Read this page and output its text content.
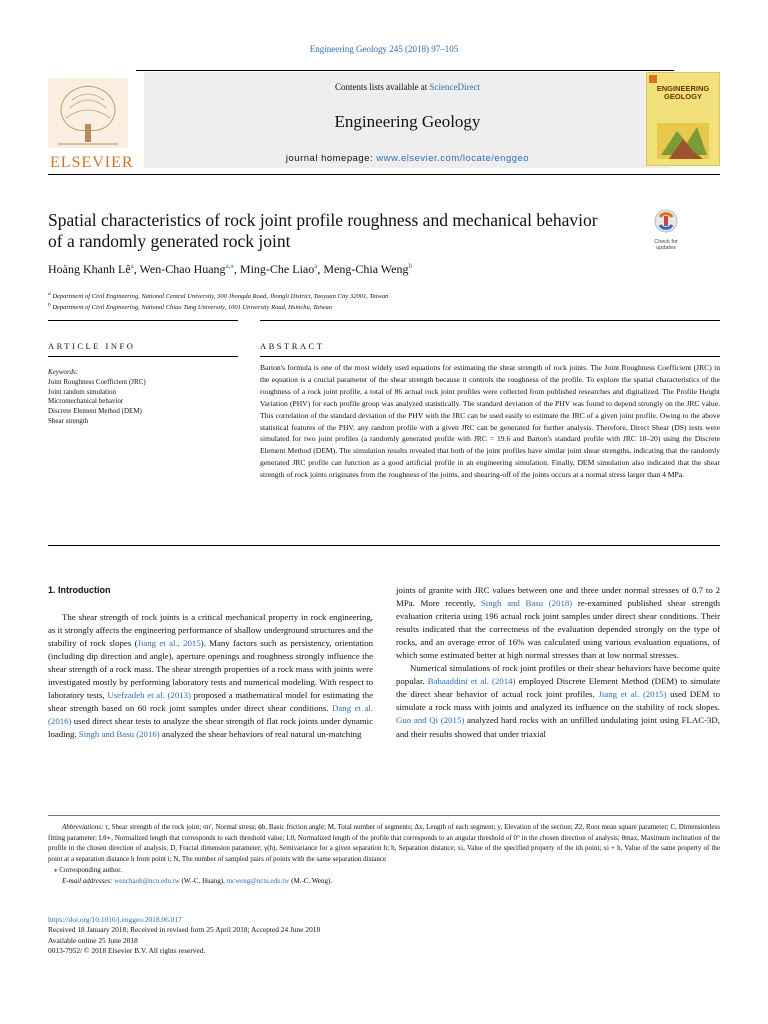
Engineering Geology 245 (2018) 97–105
ELSEVIER
Contents lists available at ScienceDirect
Engineering Geology
journal homepage: www.elsevier.com/locate/enggeo
ENGINEERING
GEOLOGY
Spatial characteristics of rock joint profile roughness and mechanical behavior of a randomly generated rock joint	Check for
updates
Hoàng Khanh $Lê^a$, Wen-Chao Huang$^{a,⁎}$, Ming-Che Liao$^a$, Meng-Chia Weng$^b$
$^a$ Department of Civil Engineering, National Central University, 300 Jhongda Road, Jhongli District, Taoyuan City 32001, Taiwan
$^b$ Department of Civil Engineering, National Chiao Tung University, 1001 University Road, Hsinchu, Taiwan
ARTICLE INFO	ABSTRACT
Keywords:
Joint Roughness Coefficient (JRC)
Joint random simulation
Micromechanical behavior
Discrete Element Method (DEM)
Shear strength
Barton's formula is one of the most widely used equations for estimating the shear strength of rock joints. The Joint Roughness Coefficient (JRC) in the equation is a crucial parameter of the shear strength because it controls the roughness of the profile. To explore the spatial characteristics of the roughness of a rock joint profile, a total of 86 actual rock joint profiles were collected from published researches and digitalized. The Profile Height Variation (PHV) for each profile group was analyzed statistically. The standard deviation of the PHV was found to depend strongly on the JRC value. This correlation of the standard deviation of the PHV with the JRC can be used easily to estimate the JRC of a given joint profile. Owing to the above statistical features of the PHV, any random profile with a given JRC can be generated for further analysis. Therefore, Direct Shear (DS) tests were simulated for two joint profiles (a randomly generated profile with JRC = 19.6 and Barton's standard profile with JRC 18–20) using the Discrete Element Method (DEM). The simulation results revealed that both of the joint profiles have similar joint shear strengths, indicating that the randomly generated JRC profile can function as a good artificial profile in an engineering simulation. Finally, DEM simulation also indicated that the shear strength of rock joints originates from the roughness of the joints, and shearing-off of the joints occurs at a normal stress larger than 4 MPa.
1. Introduction

The shear strength of rock joints is a critical mechanical property in rock engineering, as it strongly affects the engineering performance of shallow underground structures and the stability of rock slopes (Jiang et al., 2015). Many factors such as persistency, orientation (including dip direction and angle), aperture openings and roughness strongly influence the shear strength of a rock mass. The shear strength properties of a rock mass with joints were investigated mostly by performing laboratory tests and numerical modeling. With respect to laboratory tests, Usefzadeh et al. (2013) proposed a mathematical model for estimating the shear strength based on 60 rock joint samples under direct shear conditions. Dang et al. (2016) used direct shear tests to analyze the shear strength of flat rock joints under dynamic loading. Singh and Basu (2016) analyzed the shear behaviors of real natural un-matching

joints of granite with JRC values between one and three under normal stresses of 0.7 to 2 MPa. More recently, Singh and Basu (2018) re-examined published shear strength evaluation criteria using 196 actual rock joint samples under direct shear conditions. Their results indicated that the correctness of the evaluation depended strongly on the type of rocks, and an average error of 16% was calculated using various evaluation equations, of which some estimated better at high normal stresses than at low normal stresses.

Numerical simulations of rock joint profiles or their shear behaviors have become quite popular. Bahaaddini et al. (2014) employed Discrete Element Method (DEM) to simulate the direct shear behavior of actual rock joint profiles. Jiang et al. (2015) used DEM to simulate a rock mass with joints and analyzed its influence on the stability of rock slopes. Guo and Qi (2015) analyzed hard rocks with an unfilled undulating joint using FLAC-3D, and their results showed that under triaxial

Abbreviations: τ, Shear strength of the rock joint; σn′, Normal stress; ϕb, Basic friction angle; M, Total number of segments; Δx, Length of each segment; y, Elevation of the section; Z2, Root mean square parameter; C, Dimensionless fitting parameter; Lθ∗, Normalized length that corresponds to each threshold value; L0, Normalized length of the profile that corresponds to an angular threshold of 0° in the chosen direction of analysis; θmax, Maximum inclination of the profile in the chosen direction of analysis; D, Fractal dimension parameter; γ(h), Semivariance for a given separation h; h, Separation distance; xi, Value of the specified property of the ith point; xi + h, Value of the same property of the point at a separation distance h from point i; N, The number of sampled pairs of points with the same separation distance
⁎ Corresponding author.
E-mail addresses: wenchaoh@ncu.edu.tw (W.-C. Huang), mcweng@nctu.edu.tw (M.-C. Weng).
https://doi.org/10.1016/j.enggeo.2018.06.017
Received 18 January 2018; Received in revised form 25 April 2018; Accepted 24 June 2018
Available online 25 June 2018
0013-7952/ © 2018 Elsevier B.V. All rights reserved.
